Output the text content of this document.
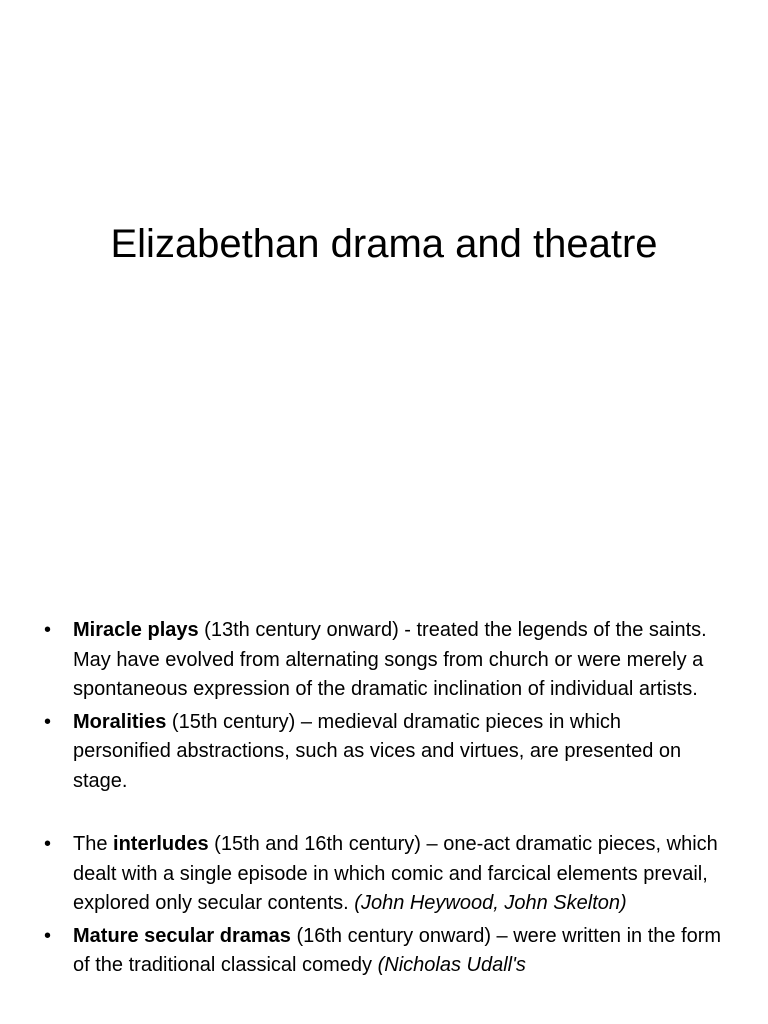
Elizabethan drama and theatre
• Miracle plays (13th century onward) - treated the legends of the saints. May have evolved from alternating songs from church or were merely a spontaneous expression of the dramatic inclination of individual artists.
• Moralities (15th century) – medieval dramatic pieces in which personified abstractions, such as vices and virtues, are presented on stage.
• The interludes (15th and 16th century) – one-act dramatic pieces, which dealt with a single episode in which comic and farcical elements prevail, explored only secular contents. (John Heywood, John Skelton)
• Mature secular dramas (16th century onward) – were written in the form of the traditional classical comedy (Nicholas Udall's
